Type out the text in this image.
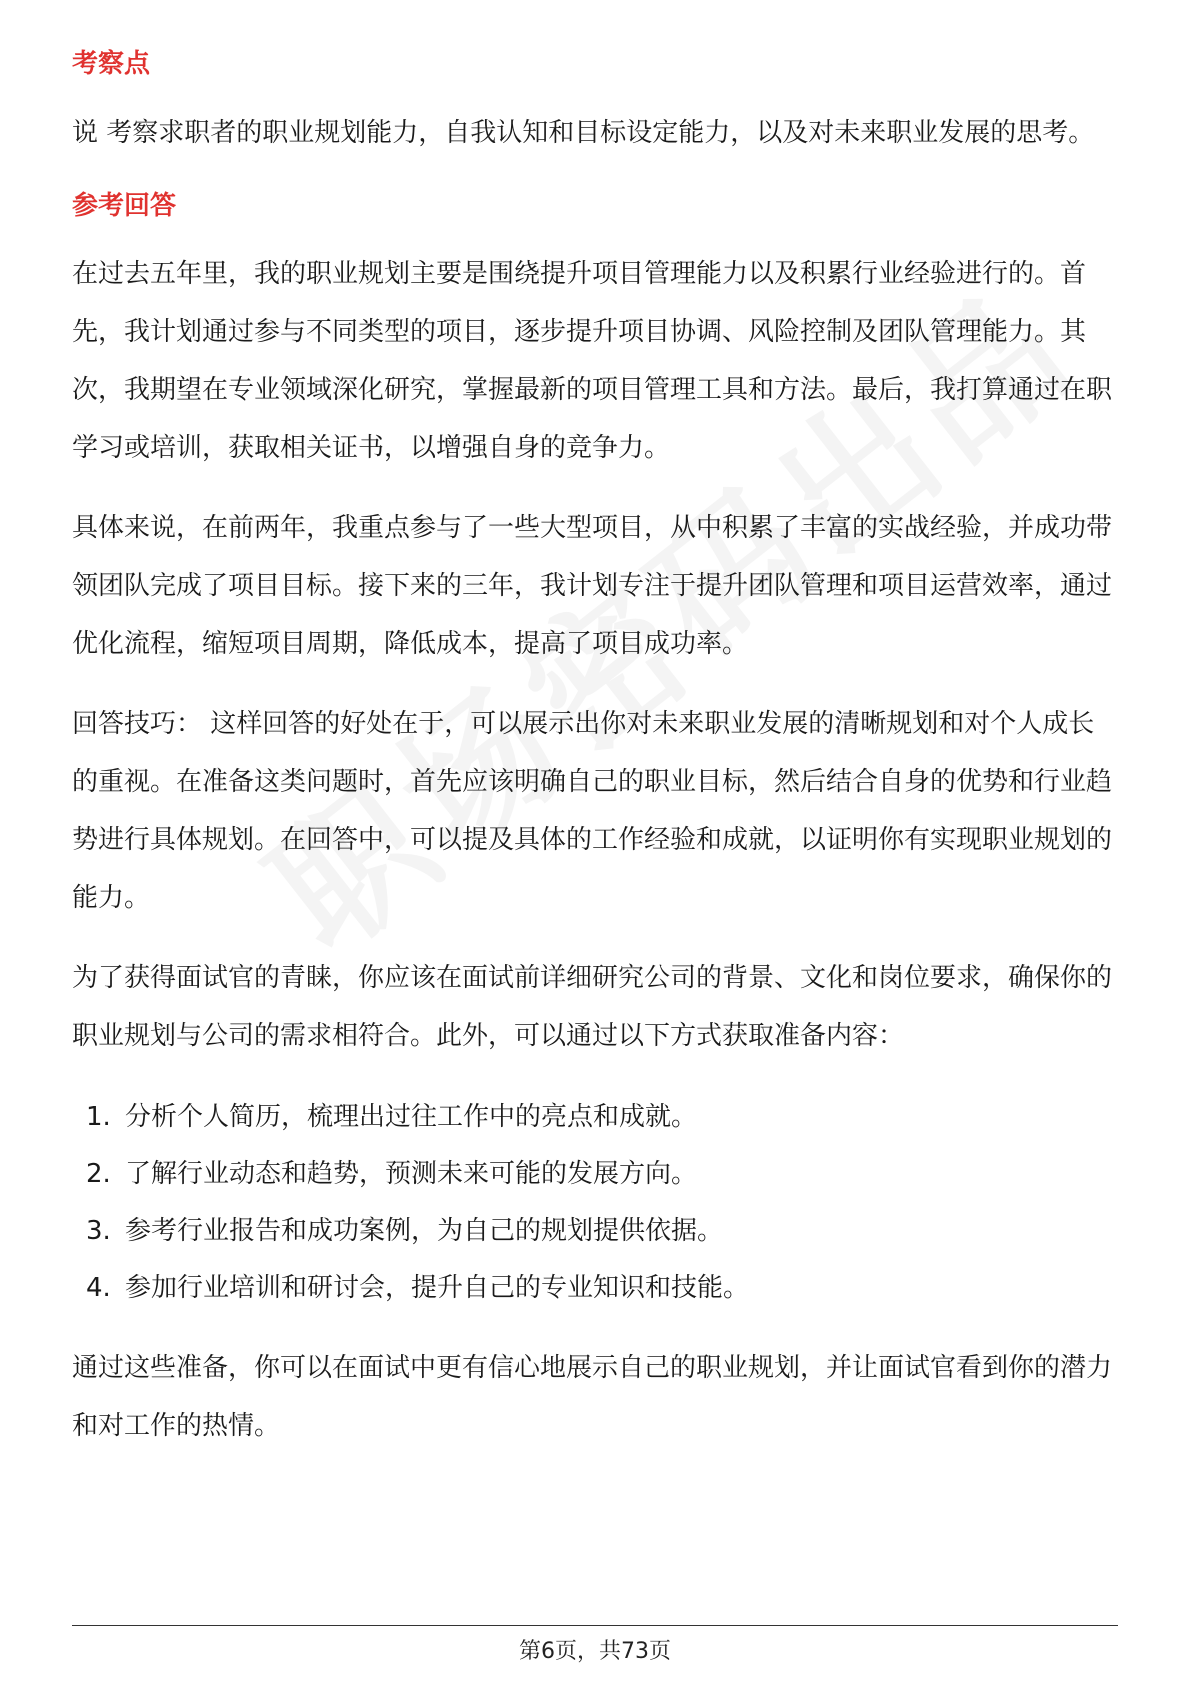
考察点

说 考察求职者的职业规划能力，自我认知和目标设定能力，以及对未来职业发展的思考。

参考回答

在过去五年里，我的职业规划主要是围绕提升项目管理能力以及积累行业经验进行的。首先，我计划通过参与不同类型的项目，逐步提升项目协调、风险控制及团队管理能力。其次，我期望在专业领域深化研究，掌握最新的项目管理工具和方法。最后，我打算通过在职学习或培训，获取相关证书，以增强自身的竞争力。

具体来说，在前两年，我重点参与了一些大型项目，从中积累了丰富的实战经验，并成功带领团队完成了项目目标。接下来的三年，我计划专注于提升团队管理和项目运营效率，通过优化流程，缩短项目周期，降低成本，提高了项目成功率。

回答技巧： 这样回答的好处在于，可以展示出你对未来职业发展的清晰规划和对个人成长的重视。在准备这类问题时，首先应该明确自己的职业目标，然后结合自身的优势和行业趋势进行具体规划。在回答中，可以提及具体的工作经验和成就，以证明你有实现职业规划的能力。

为了获得面试官的青睐，你应该在面试前详细研究公司的背景、文化和岗位要求，确保你的职业规划与公司的需求相符合。此外，可以通过以下方式获取准备内容：

1. 分析个人简历，梳理出过往工作中的亮点和成就。
2. 了解行业动态和趋势，预测未来可能的发展方向。
3. 参考行业报告和成功案例，为自己的规划提供依据。
4. 参加行业培训和研讨会，提升自己的专业知识和技能。

通过这些准备，你可以在面试中更有信心地展示自己的职业规划，并让面试官看到你的潜力和对工作的热情。

第6页，共73页
